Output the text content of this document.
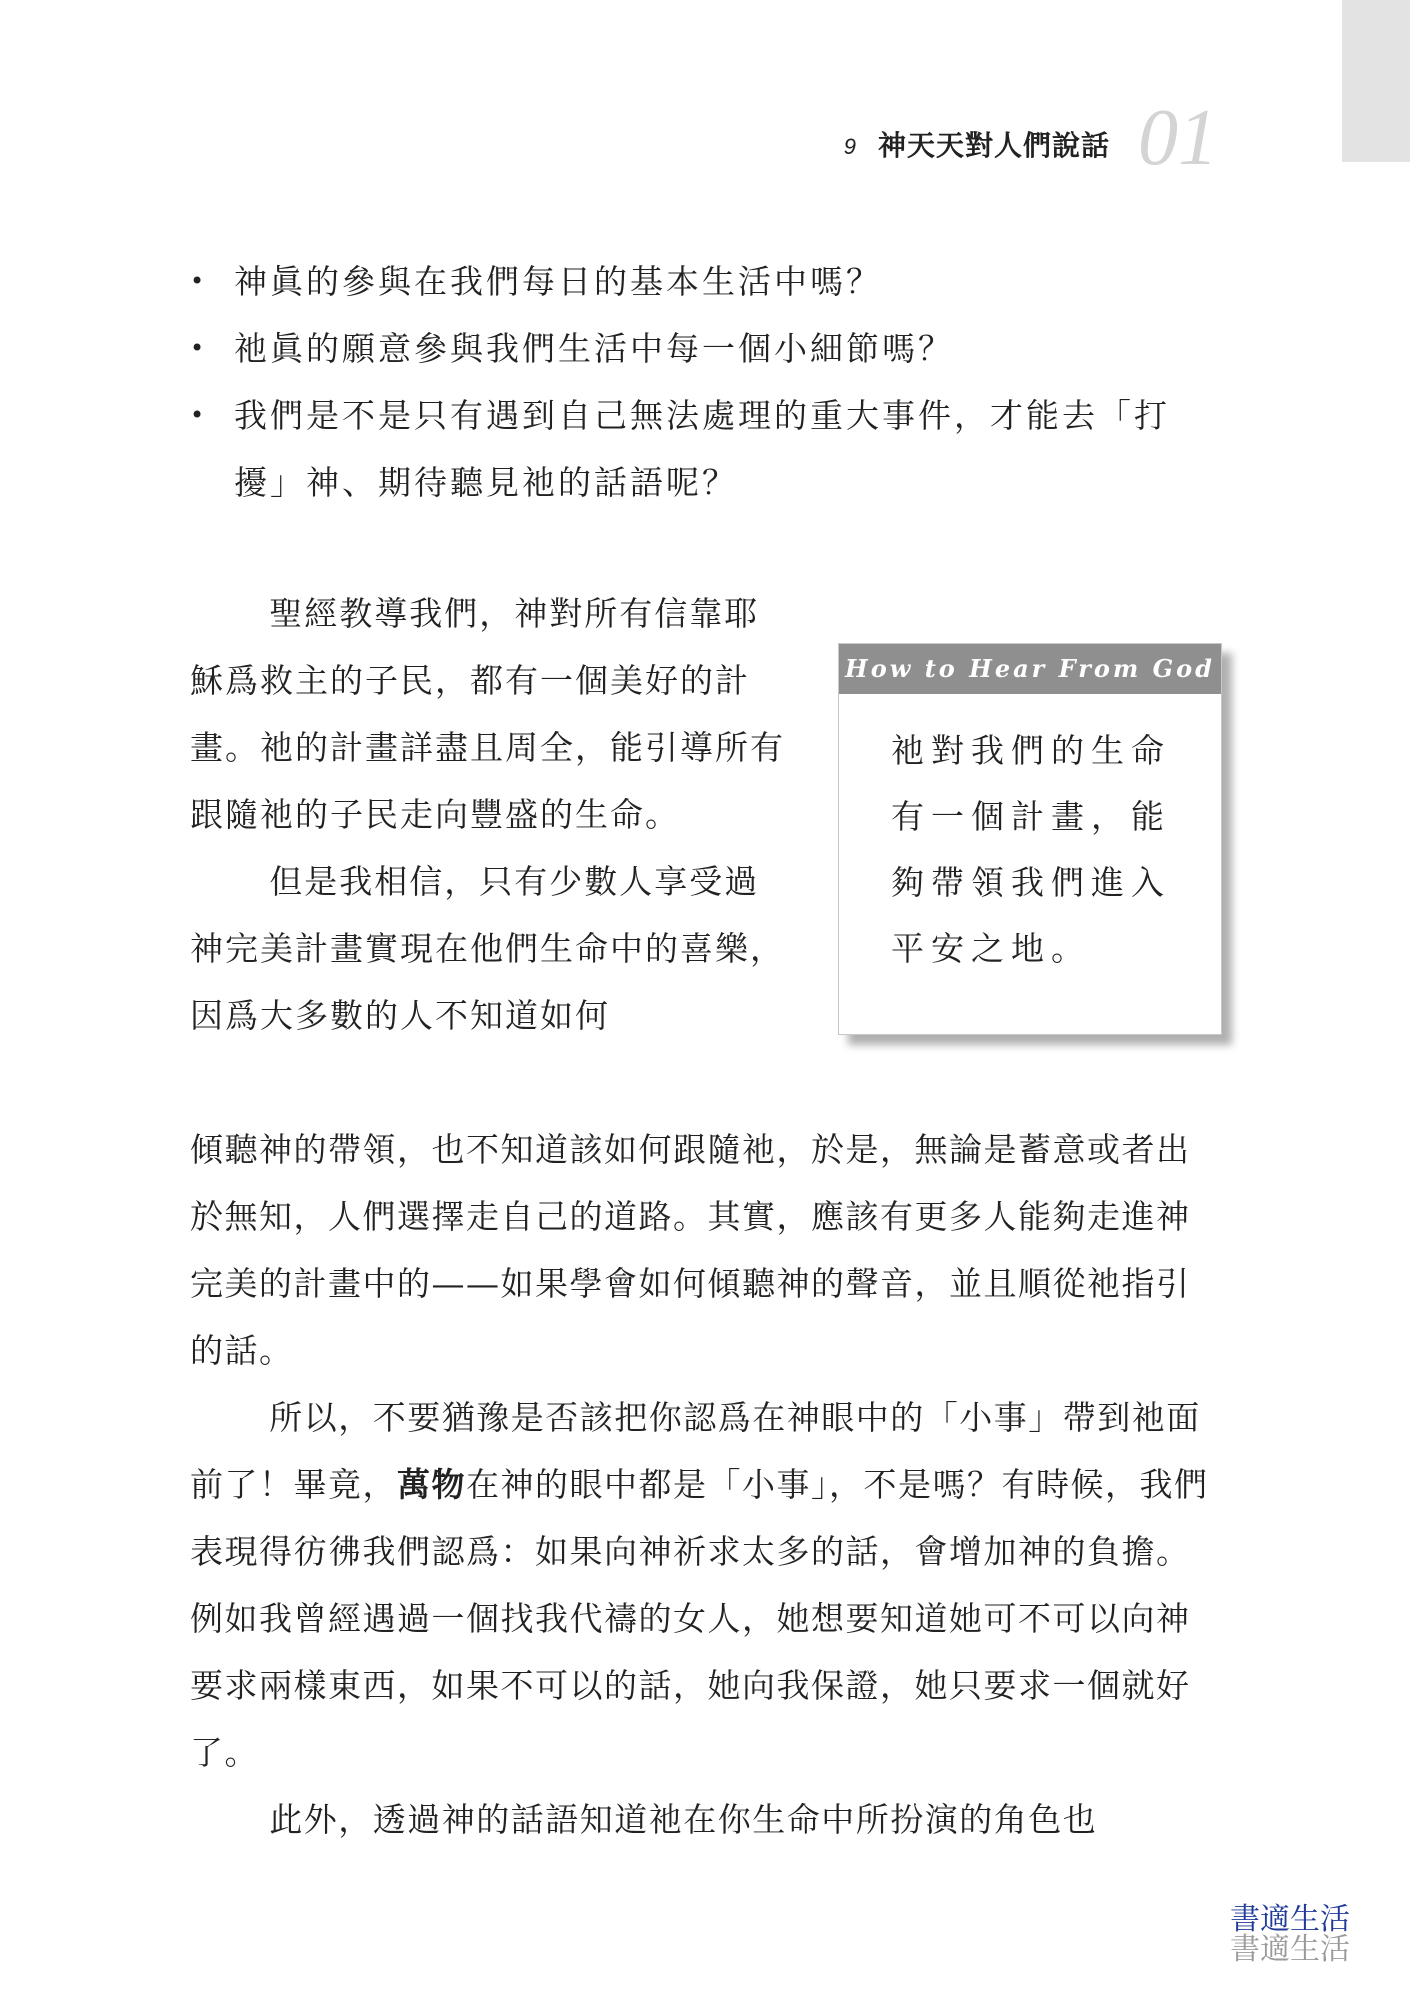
9 神天天對人們說話 01
• 神眞的參與在我們每日的基本生活中嗎？
• 祂眞的願意參與我們生活中每一個小細節嗎？
• 我們是不是只有遇到自己無法處理的重大事件，才能去「打擾」神、期待聽見祂的話語呢？

聖經教導我們，神對所有信靠耶穌爲救主的子民，都有一個美好的計畫。祂的計畫詳盡且周全，能引導所有跟隨祂的子民走向豐盛的生命。

但是我相信，只有少數人享受過神完美計畫實現在他們生命中的喜樂，因爲大多數的人不知道如何

How to Hear From God
祂對我們的生命有一個計畫，能夠帶領我們進入平安之地。

傾聽神的帶領，也不知道該如何跟隨祂，於是，無論是蓄意或者出於無知，人們選擇走自己的道路。其實，應該有更多人能夠走進神完美的計畫中的——如果學會如何傾聽神的聲音，並且順從祂指引的話。

所以，不要猶豫是否該把你認爲在神眼中的「小事」帶到祂面前了！畢竟，萬物在神的眼中都是「小事」，不是嗎？有時候，我們表現得彷彿我們認爲：如果向神祈求太多的話，會增加神的負擔。例如我曾經遇過一個找我代禱的女人，她想要知道她可不可以向神要求兩樣東西，如果不可以的話，她向我保證，她只要求一個就好了。

此外，透過神的話語知道祂在你生命中所扮演的角色也

書適生活
書適生活
